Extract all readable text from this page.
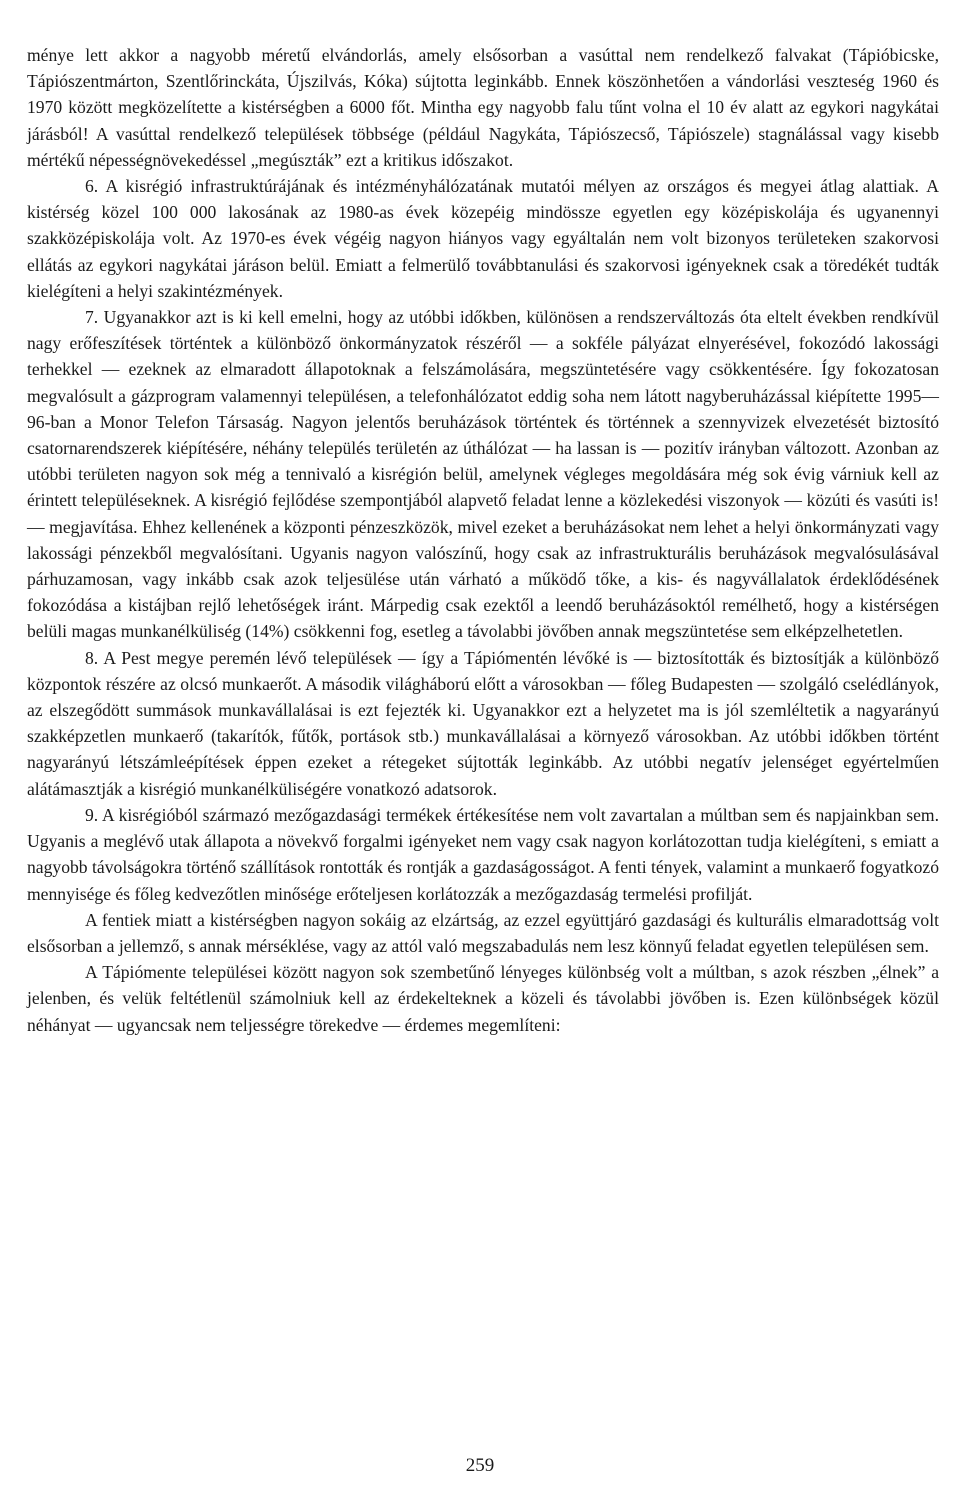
ménye lett akkor a nagyobb méretű elvándorlás, amely elsősorban a vasúttal nem rendelkező falvakat (Tápióbicske, Tápiószentmárton, Szentlőrinckáta, Újszilvás, Kóka) sújtotta leginkább. Ennek köszönhetően a vándorlási veszteség 1960 és 1970 között megközelítette a kistérségben a 6000 főt. Mintha egy nagyobb falu tűnt volna el 10 év alatt az egykori nagykátai járásból! A vasúttal rendelkező települések többsége (például Nagykáta, Tápiószecső, Tápiószele) stagnálással vagy kisebb mértékű népességnövekedéssel „megúszták” ezt a kritikus időszakot.

6. A kisrégió infrastruktúrájának és intézményhálózatának mutatói mélyen az országos és megyei átlag alattiak. A kistérség közel 100 000 lakosának az 1980-as évek közepéig mindössze egyetlen egy középiskolája és ugyanennyi szakközépiskolája volt. Az 1970-es évek végéig nagyon hiányos vagy egyáltalán nem volt bizonyos területeken szakorvosi ellátás az egykori nagykátai járáson belül. Emiatt a felmerülő továbbtanulási és szakorvosi igényeknek csak a töredékét tudták kielégíteni a helyi szakintézmények.

7. Ugyanakkor azt is ki kell emelni, hogy az utóbbi időkben, különösen a rendszerváltozás óta eltelt években rendkívül nagy erőfeszítések történtek a különböző önkormányzatok részéről — a sokféle pályázat elnyerésével, fokozódó lakossági terhekkel — ezeknek az elmaradott állapotoknak a felszámolására, megszüntetésére vagy csökkentésére. Így fokozatosan megvalósult a gázprogram valamennyi településen, a telefonhálózatot eddig soha nem látott nagyberuházással kiépítette 1995—96-ban a Monor Telefon Társaság. Nagyon jelentős beruházások történtek és történnek a szennyvizek elvezetését biztosító csatornarendszerek kiépítésére, néhány település területén az úthálózat — ha lassan is — pozitív irányban változott. Azonban az utóbbi területen nagyon sok még a tennivaló a kisrégión belül, amelynek végleges megoldására még sok évig várniuk kell az érintett településeknek. A kisrégió fejlődése szempontjából alapvető feladat lenne a közlekedési viszonyok — közúti és vasúti is! — megjavítása. Ehhez kellenének a központi pénzeszközök, mivel ezeket a beruházásokat nem lehet a helyi önkormányzati vagy lakossági pénzekből megvalósítani. Ugyanis nagyon valószínű, hogy csak az infrastrukturális beruházások megvalósulásával párhuzamosan, vagy inkább csak azok teljesülése után várható a működő tőke, a kis- és nagyvállalatok érdeklődésének fokozódása a kistájban rejlő lehetőségek iránt. Márpedig csak ezektől a leendő beruházásoktól remélhető, hogy a kistérségen belüli magas munkanélküliség (14%) csökkenni fog, esetleg a távolabbi jövőben annak megszüntetése sem elképzelhetetlen.

8. A Pest megye peremén lévő települések — így a Tápiómentén lévőké is — biztosították és biztosítják a különböző központok részére az olcsó munkaerőt. A második világháború előtt a városokban — főleg Budapesten — szolgáló cselédlányok, az elszegődött summások munkavállalásai is ezt fejezték ki. Ugyanakkor ezt a helyzetet ma is jól szemléltetik a nagyarányú szakképzetlen munkaerő (takarítók, fűtők, portások stb.) munkavállalásai a környező városokban. Az utóbbi időkben történt nagyarányú létszámleépítések éppen ezeket a rétegeket sújtották leginkább. Az utóbbi negatív jelenséget egyértelműen alátámasztják a kisrégió munkanélküliségére vonatkozó adatsorok.

9. A kisrégióból származó mezőgazdasági termékek értékesítése nem volt zavartalan a múltban sem és napjainkban sem. Ugyanis a meglévő utak állapota a növekvő forgalmi igényeket nem vagy csak nagyon korlátozottan tudja kielégíteni, s emiatt a nagyobb távolságokra történő szállítások rontották és rontják a gazdaságosságot. A fenti tények, valamint a munkaerő fogyatkozó mennyisége és főleg kedvezőtlen minősége erőteljesen korlátozzák a mezőgazdaság termelési profilját.

A fentiek miatt a kistérségben nagyon sokáig az elzártság, az ezzel együttjáró gazdasági és kulturális elmaradottság volt elsősorban a jellemző, s annak mérséklése, vagy az attól való megszabadulás nem lesz könnyű feladat egyetlen településen sem.

A Tápiómente települései között nagyon sok szembetűnő lényeges különbség volt a múltban, s azok részben „élnek” a jelenben, és velük feltétlenül számolniuk kell az érdekelteknek a közeli és távolabbi jövőben is. Ezen különbségek közül néhányat — ugyancsak nem teljességre törekedve — érdemes megemlíteni:

259
